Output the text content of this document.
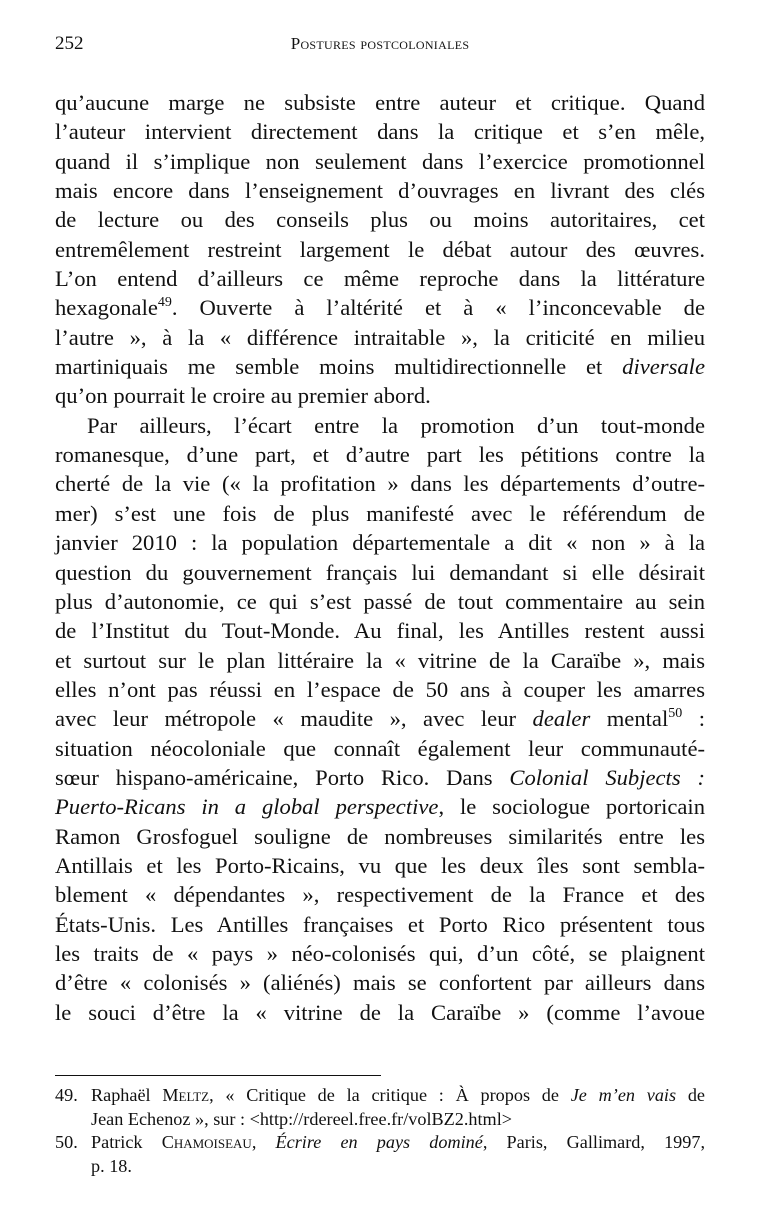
252	Postures postcoloniales

qu’aucune marge ne subsiste entre auteur et critique. Quand
l’auteur intervient directement dans la critique et s’en mêle,
quand il s’implique non seulement dans l’exercice promotionnel
mais encore dans l’enseignement d’ouvrages en livrant des clés
de lecture ou des conseils plus ou moins autoritaires, cet
entremêlement restreint largement le débat autour des œuvres.
L’on entend d’ailleurs ce même reproche dans la littérature
hexagonale$^{49}$. Ouverte à l’altérité et à « l’inconcevable de
l’autre », à la « différence intraitable », la criticité en milieu
martiniquais me semble moins multidirectionnelle et diversale
qu’on pourrait le croire au premier abord.

Par ailleurs, l’écart entre la promotion d’un tout-monde
romanesque, d’une part, et d’autre part les pétitions contre la
cherté de la vie (« la profitation » dans les départements d’outre-
mer) s’est une fois de plus manifesté avec le référendum de
janvier 2010 : la population départementale a dit « non » à la
question du gouvernement français lui demandant si elle désirait
plus d’autonomie, ce qui s’est passé de tout commentaire au sein
de l’Institut du Tout-Monde. Au final, les Antilles restent aussi
et surtout sur le plan littéraire la « vitrine de la Caraïbe », mais
elles n’ont pas réussi en l’espace de 50 ans à couper les amarres
avec leur métropole « maudite », avec leur dealer mental$^{50}$ :
situation néocoloniale que connaît également leur communauté-
sœur hispano-américaine, Porto Rico. Dans Colonial Subjects :
Puerto-Ricans in a global perspective, le sociologue portoricain
Ramon Grosfoguel souligne de nombreuses similarités entre les
Antillais et les Porto-Ricains, vu que les deux îles sont sembla-
blement « dépendantes », respectivement de la France et des
États-Unis. Les Antilles françaises et Porto Rico présentent tous
les traits de « pays » néo-colonisés qui, d’un côté, se plaignent
d’être « colonisés » (aliénés) mais se confortent par ailleurs dans
le souci d’être la « vitrine de la Caraïbe » (comme l’avoue

49. Raphaël Meltz, « Critique de la critique : À propos de Je m’en vais de
Jean Echenoz », sur : <http://rdereel.free.fr/volBZ2.html>
50. Patrick Chamoiseau, Écrire en pays dominé, Paris, Gallimard, 1997,
p. 18.
